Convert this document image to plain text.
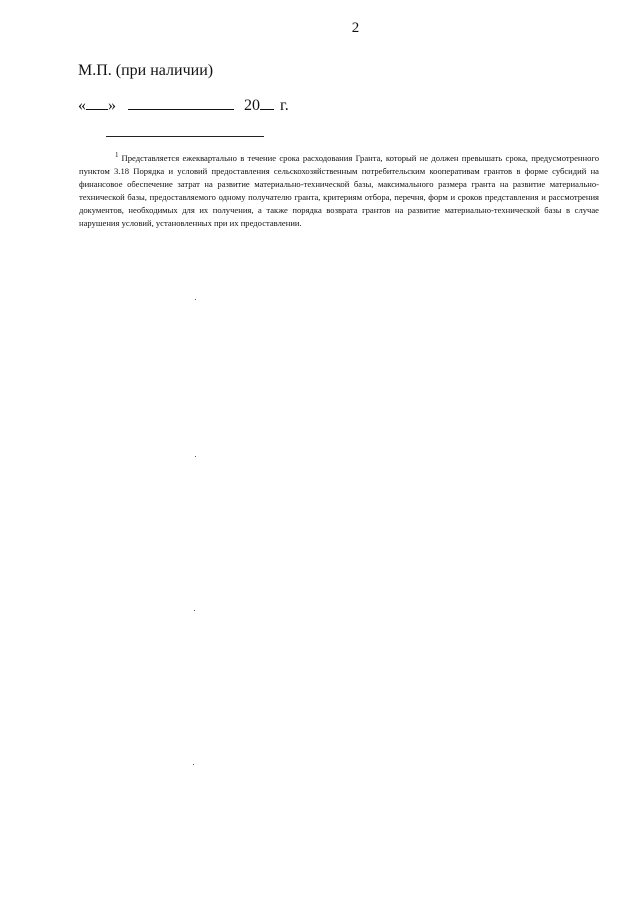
2
М.П. (при наличии)
« »	20 г.
$^1$ Представляется ежеквартально в течение срока расходования Гранта, который не должен превышать срока, предусмотренного пунктом 3.18 Порядка и условий предоставления сельскохозяйственным потребительским кооперативам грантов в форме субсидий на финансовое обеспечение затрат на развитие материально-технической базы, максимального размера гранта на развитие материально-технической базы, предоставляемого одному получателю гранта, критериям отбора, перечня, форм и сроков представления и рассмотрения документов, необходимых для их получения, а также порядка возврата грантов на развитие материально-технической базы в случае нарушения условий, установленных при их предоставлении.
